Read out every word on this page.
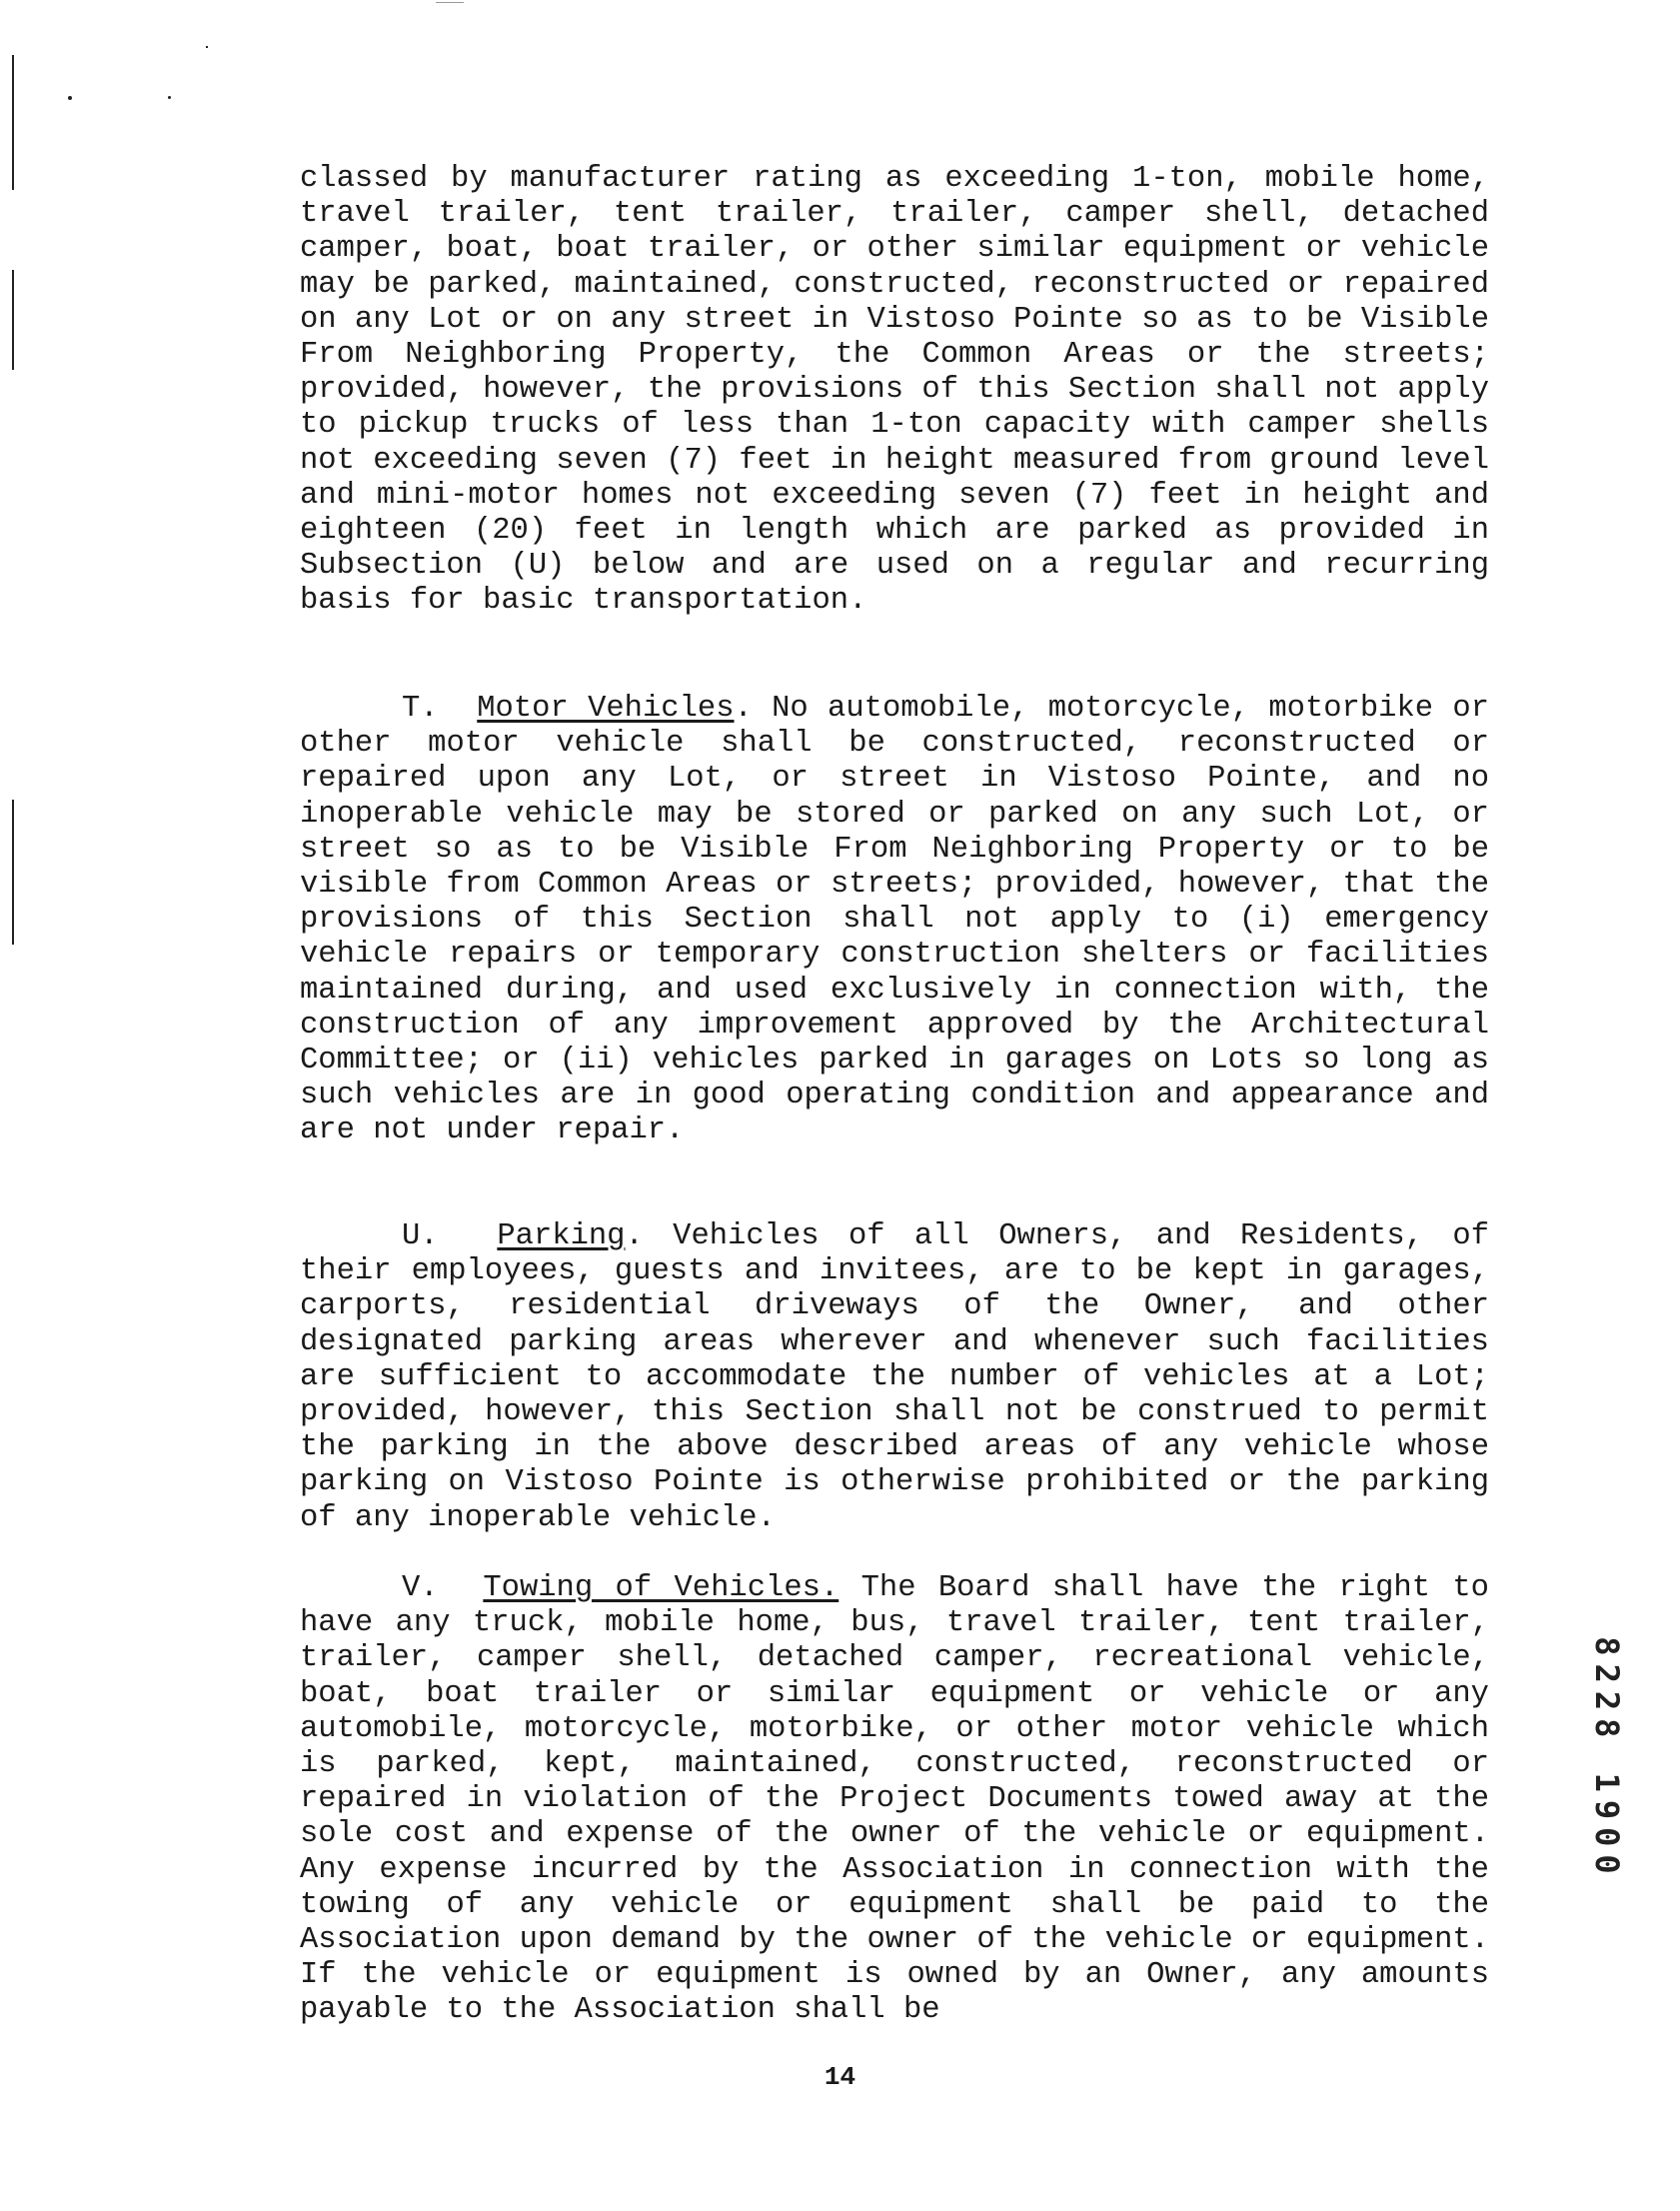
classed by manufacturer rating as exceeding 1-ton, mobile home, travel trailer, tent trailer, trailer, camper shell, detached camper, boat, boat trailer, or other similar equipment or vehicle may be parked, maintained, constructed, reconstructed or repaired on any Lot or on any street in Vistoso Pointe so as to be Visible From Neighboring Property, the Common Areas or the streets; provided, however, the provisions of this Section shall not apply to pickup trucks of less than 1-ton capacity with camper shells not exceeding seven (7) feet in height measured from ground level and mini-motor homes not exceeding seven (7) feet in height and eighteen (20) feet in length which are parked as provided in Subsection (U) below and are used on a regular and recurring basis for basic transportation.
T. Motor Vehicles. No automobile, motorcycle, motorbike or other motor vehicle shall be constructed, reconstructed or repaired upon any Lot, or street in Vistoso Pointe, and no inoperable vehicle may be stored or parked on any such Lot, or street so as to be Visible From Neighboring Property or to be visible from Common Areas or streets; provided, however, that the provisions of this Section shall not apply to (i) emergency vehicle repairs or temporary construction shelters or facilities maintained during, and used exclusively in connection with, the construction of any improvement approved by the Architectural Committee; or (ii) vehicles parked in garages on Lots so long as such vehicles are in good operating condition and appearance and are not under repair.
U. Parking. Vehicles of all Owners, and Residents, of their employees, guests and invitees, are to be kept in garages, carports, residential driveways of the Owner, and other designated parking areas wherever and whenever such facilities are sufficient to accommodate the number of vehicles at a Lot; provided, however, this Section shall not be construed to permit the parking in the above described areas of any vehicle whose parking on Vistoso Pointe is otherwise prohibited or the parking of any inoperable vehicle.
V. Towing of Vehicles. The Board shall have the right to have any truck, mobile home, bus, travel trailer, tent trailer, trailer, camper shell, detached camper, recreational vehicle, boat, boat trailer or similar equipment or vehicle or any automobile, motorcycle, motorbike, or other motor vehicle which is parked, kept, maintained, constructed, reconstructed or repaired in violation of the Project Documents towed away at the sole cost and expense of the owner of the vehicle or equipment. Any expense incurred by the Association in connection with the towing of any vehicle or equipment shall be paid to the Association upon demand by the owner of the vehicle or equipment. If the vehicle or equipment is owned by an Owner, any amounts payable to the Association shall be
8228 1900
14
